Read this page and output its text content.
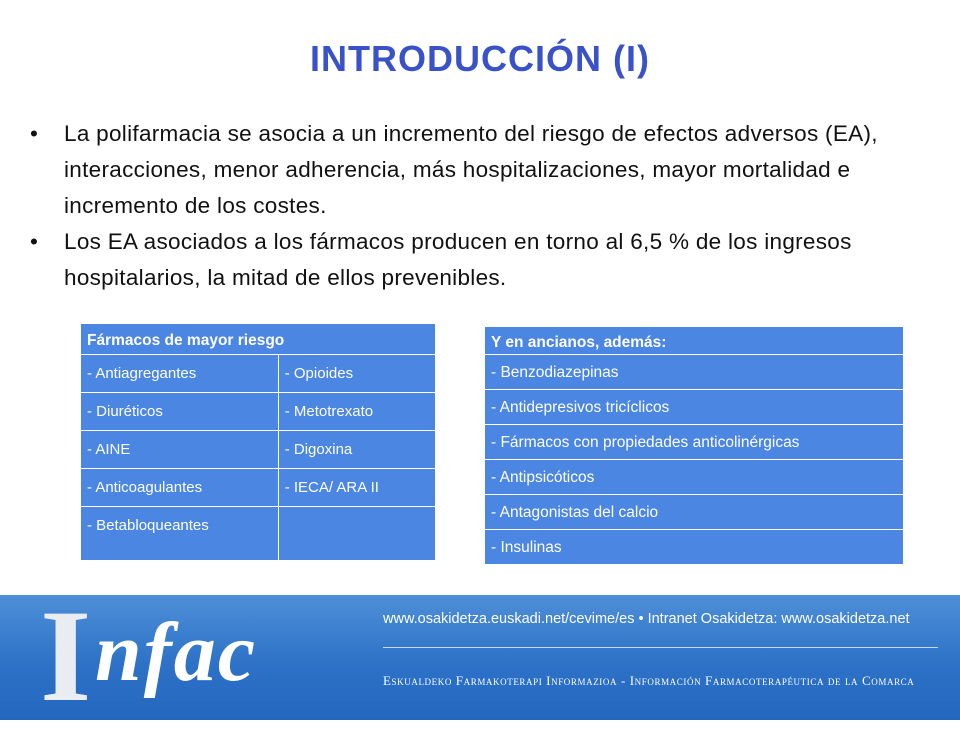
INTRODUCCIÓN (I)
• La polifarmacia se asocia a un incremento del riesgo de efectos adversos (EA), interacciones, menor adherencia, más hospitalizaciones, mayor mortalidad e incremento de los costes.
• Los EA asociados a los fármacos producen en torno al 6,5 % de los ingresos hospitalarios, la mitad de ellos prevenibles.
Fármacos de mayor riesgo	
- Antiagregantes	- Opioides
- Diuréticos	- Metotrexato
- AINE	- Digoxina
- Anticoagulantes	- IECA/ ARA II
- Betabloqueantes	
Y en ancianos, además:
- Benzodiazepinas
- Antidepresivos tricíclicos
- Fármacos con propiedades anticolinérgicas
- Antipsicóticos
- Antagonistas del calcio
- Insulinas
I nfac	www.osakidetza.euskadi.net/cevime/es • Intranet Osakidetza: www.osakidetza.net
Eskualdeko Farmakoterapi Informazioa - Información Farmacoterapéutica de la Comarca
